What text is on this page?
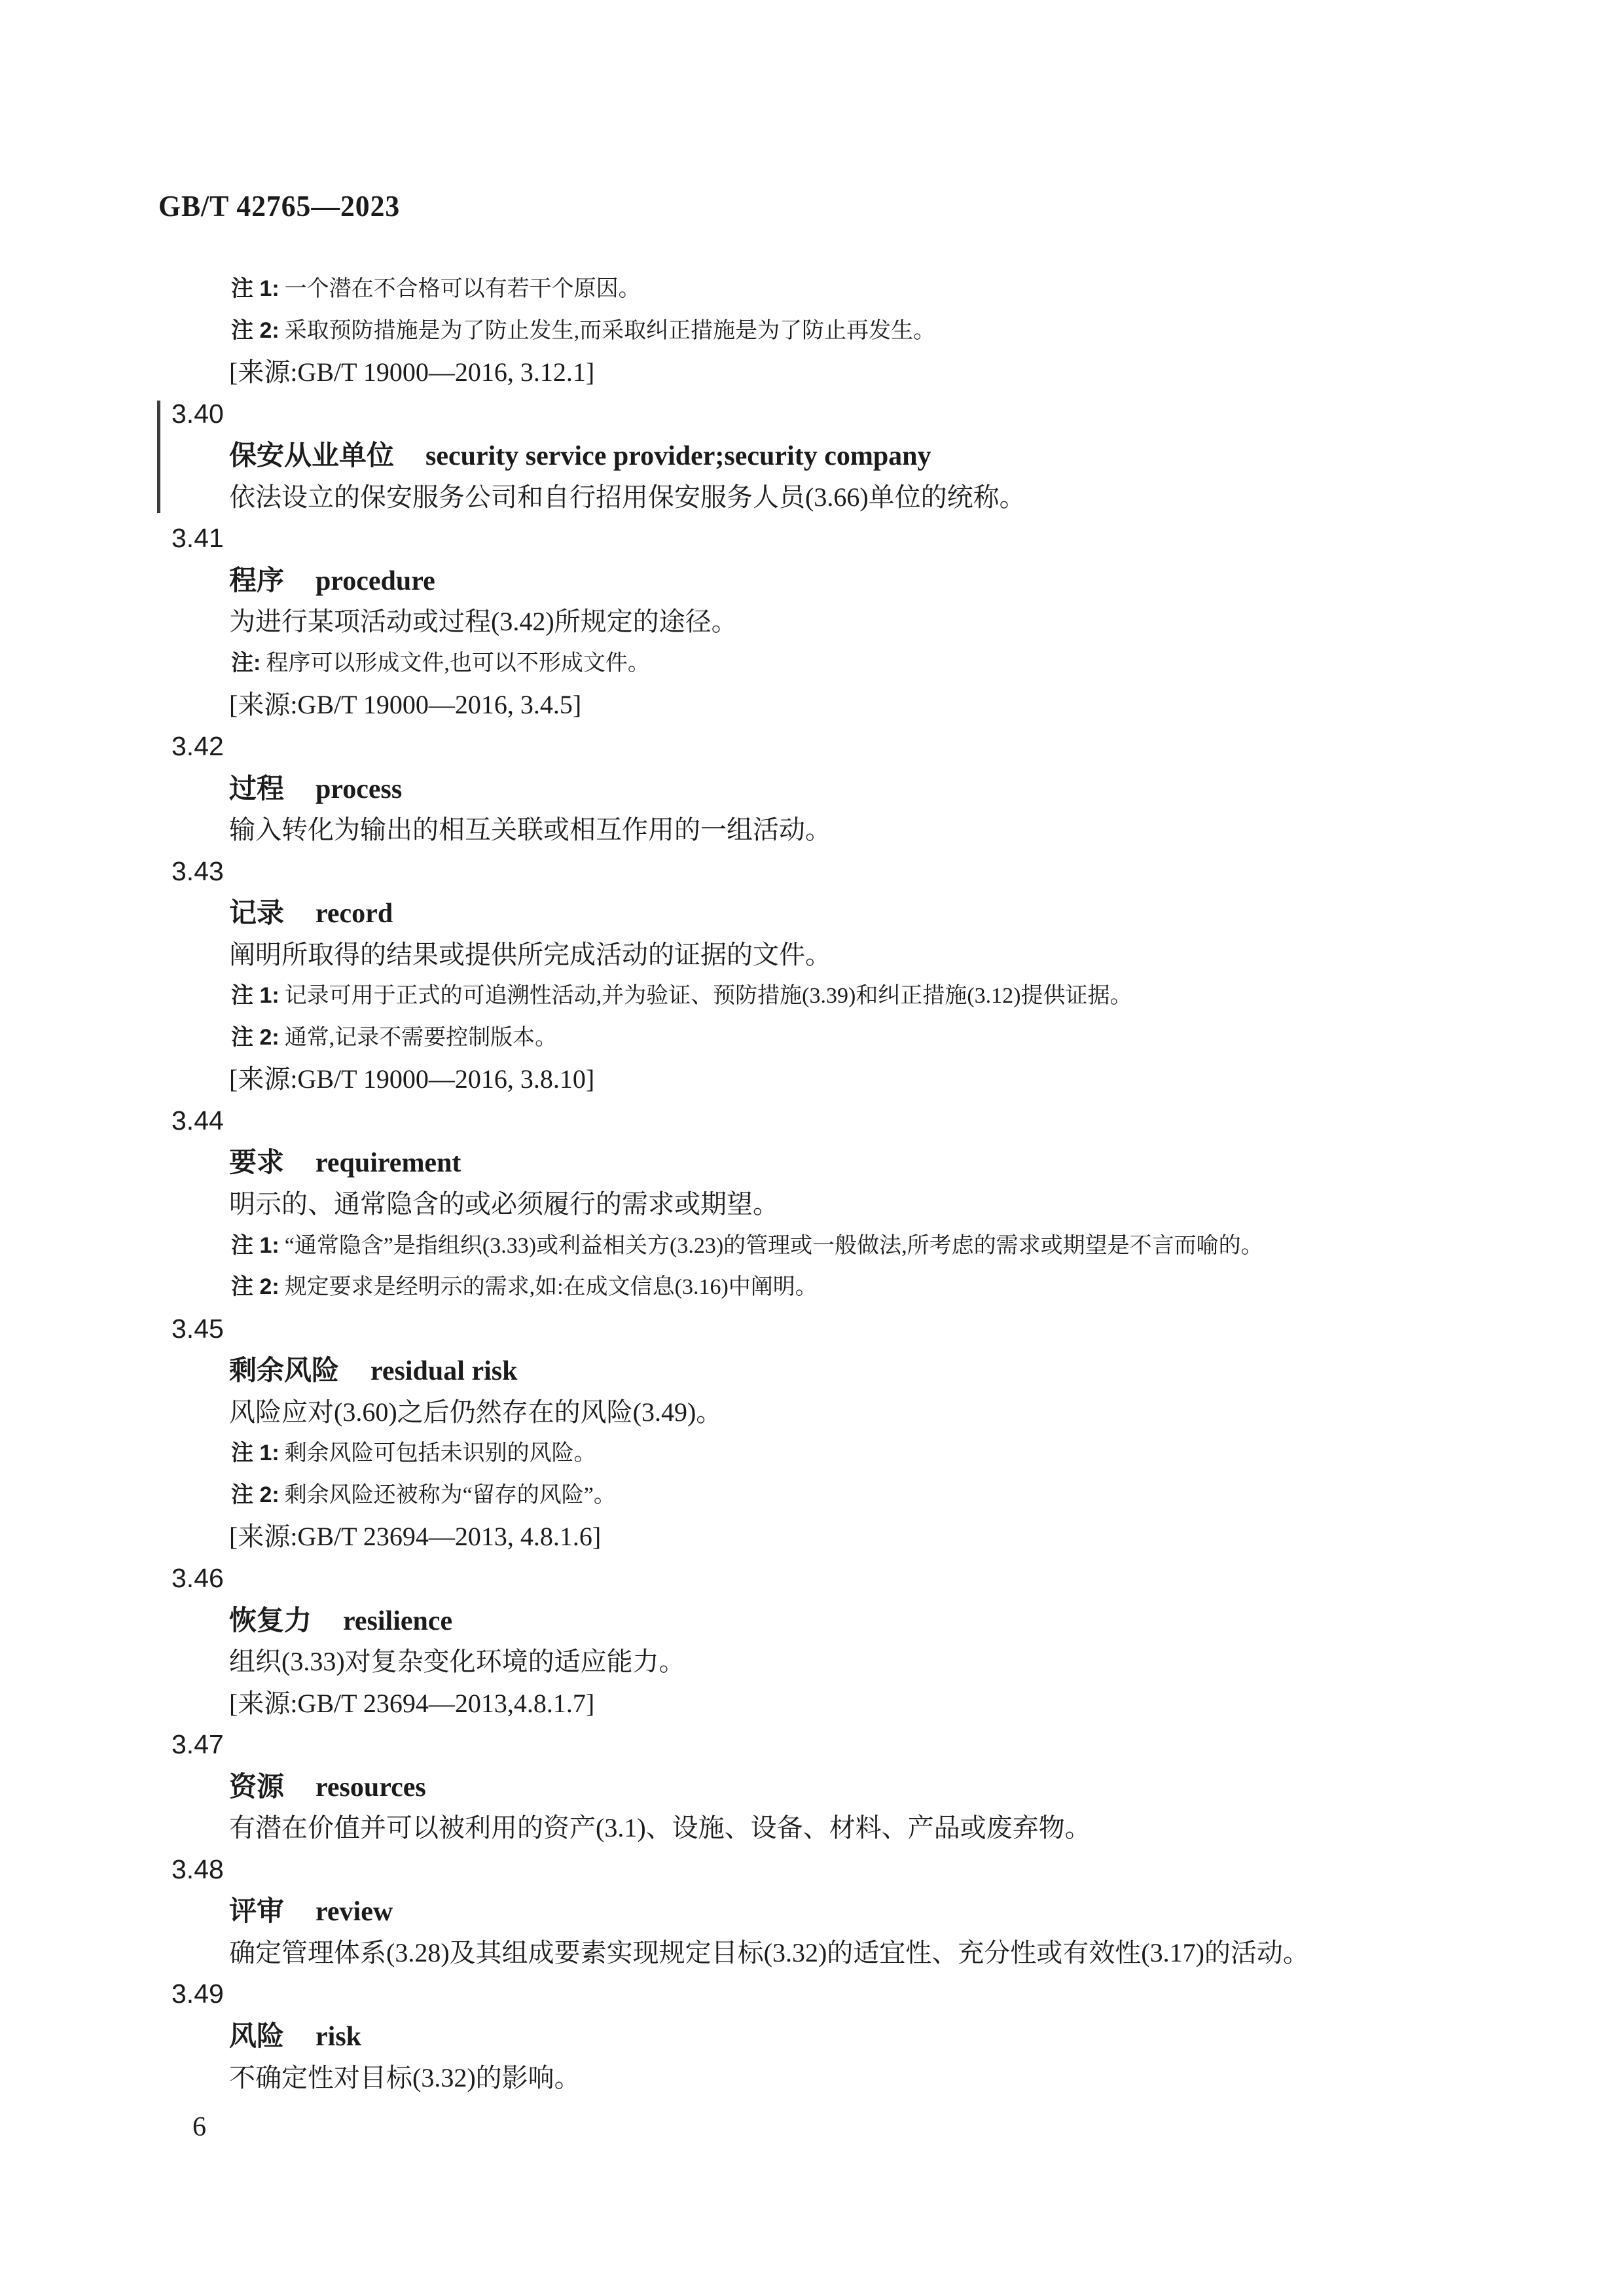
GB/T 42765—2023
注 1: 一个潜在不合格可以有若干个原因。
注 2: 采取预防措施是为了防止发生,而采取纠正措施是为了防止再发生。
[来源:GB/T 19000—2016, 3.12.1]
3.40
保安从业单位 security service provider;security company
依法设立的保安服务公司和自行招用保安服务人员(3.66)单位的统称。
3.41
程序 procedure
为进行某项活动或过程(3.42)所规定的途径。
注: 程序可以形成文件,也可以不形成文件。
[来源:GB/T 19000—2016, 3.4.5]
3.42
过程 process
输入转化为输出的相互关联或相互作用的一组活动。
3.43
记录 record
阐明所取得的结果或提供所完成活动的证据的文件。
注 1: 记录可用于正式的可追溯性活动,并为验证、预防措施(3.39)和纠正措施(3.12)提供证据。
注 2: 通常,记录不需要控制版本。
[来源:GB/T 19000—2016, 3.8.10]
3.44
要求 requirement
明示的、通常隐含的或必须履行的需求或期望。
注 1: “通常隐含”是指组织(3.33)或利益相关方(3.23)的管理或一般做法,所考虑的需求或期望是不言而喻的。
注 2: 规定要求是经明示的需求,如:在成文信息(3.16)中阐明。
3.45
剩余风险 residual risk
风险应对(3.60)之后仍然存在的风险(3.49)。
注 1: 剩余风险可包括未识别的风险。
注 2: 剩余风险还被称为“留存的风险”。
[来源:GB/T 23694—2013, 4.8.1.6]
3.46
恢复力 resilience
组织(3.33)对复杂变化环境的适应能力。
[来源:GB/T 23694—2013,4.8.1.7]
3.47
资源 resources
有潜在价值并可以被利用的资产(3.1)、设施、设备、材料、产品或废弃物。
3.48
评审 review
确定管理体系(3.28)及其组成要素实现规定目标(3.32)的适宜性、充分性或有效性(3.17)的活动。
3.49
风险 risk
不确定性对目标(3.32)的影响。
6
